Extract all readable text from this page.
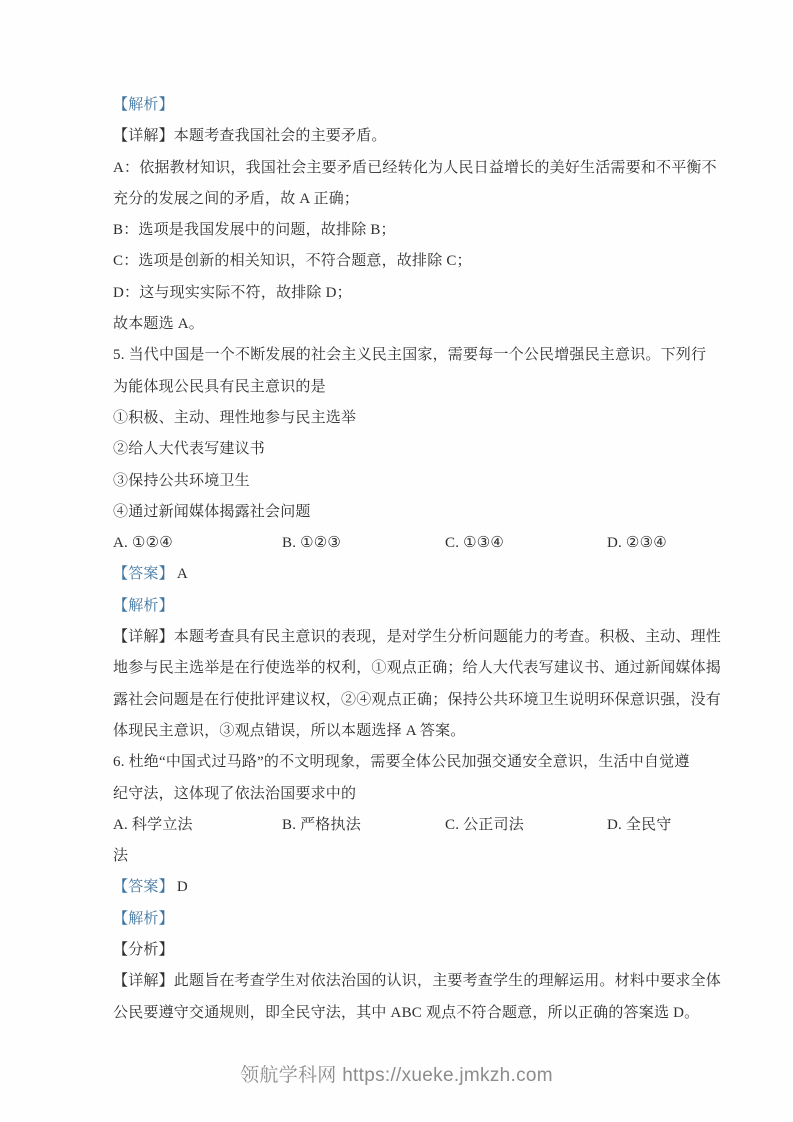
【解析】
【详解】本题考查我国社会的主要矛盾。
A：依据教材知识，我国社会主要矛盾已经转化为人民日益增长的美好生活需要和不平衡不
充分的发展之间的矛盾，故 A 正确；
B：选项是我国发展中的问题，故排除 B；
C：选项是创新的相关知识，不符合题意，故排除 C；
D：这与现实实际不符，故排除 D；
故本题选 A。
5. 当代中国是一个不断发展的社会主义民主国家，需要每一个公民增强民主意识。下列行
为能体现公民具有民主意识的是
①积极、主动、理性地参与民主选举
②给人大代表写建议书
③保持公共环境卫生
④通过新闻媒体揭露社会问题
A. ①②④	B. ①②③	C. ①③④	D. ②③④
【答案】 A
【解析】
【详解】本题考查具有民主意识的表现，是对学生分析问题能力的考查。积极、主动、理性
地参与民主选举是在行使选举的权利，①观点正确；给人大代表写建议书、通过新闻媒体揭
露社会问题是在行使批评建议权，②④观点正确；保持公共环境卫生说明环保意识强，没有
体现民主意识，③观点错误，所以本题选择 A 答案。
6. 杜绝“中国式过马路”的不文明现象，需要全体公民加强交通安全意识，生活中自觉遵
纪守法，这体现了依法治国要求中的
A. 科学立法	B. 严格执法	C. 公正司法	D. 全民守
法
【答案】 D
【解析】
【分析】
【详解】此题旨在考查学生对依法治国的认识，主要考查学生的理解运用。材料中要求全体
公民要遵守交通规则，即全民守法，其中 ABC 观点不符合题意，所以正确的答案选 D。
领航学科网 https://xueke.jmkzh.com
